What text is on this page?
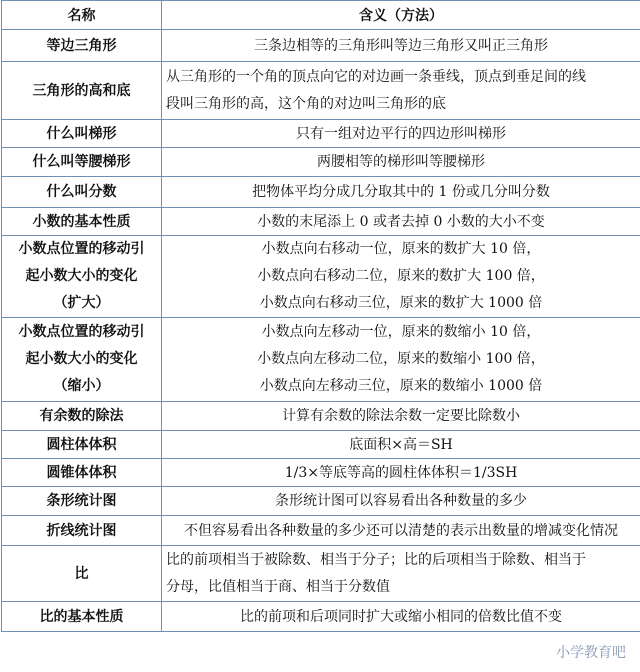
名称	含义（方法）

等边三角形	三条边相等的三角形叫等边三角形又叫正三角形

三角形的高和底	从三角形的一个角的顶点向它的对边画一条垂线，顶点到垂足间的线
段叫三角形的高，这个角的对边叫三角形的底

什么叫梯形	只有一组对边平行的四边形叫梯形

什么叫等腰梯形	两腰相等的梯形叫等腰梯形

什么叫分数	把物体平均分成几分取其中的 1 份或几分叫分数

小数的基本性质	小数的末尾添上 0 或者去掉 0 小数的大小不变

小数点位置的移动引
起小数大小的变化
（扩大）	小数点向右移动一位，原来的数扩大 10 倍，
小数点向右移动二位，原来的数扩大 100 倍，
小数点向右移动三位，原来的数扩大 1000 倍

小数点位置的移动引
起小数大小的变化
（缩小）	小数点向左移动一位，原来的数缩小 10 倍，
小数点向左移动二位，原来的数缩小 100 倍，
小数点向左移动三位，原来的数缩小 1000 倍

有余数的除法	计算有余数的除法余数一定要比除数小

圆柱体体积	底面积×高＝SH

圆锥体体积	1/3×等底等高的圆柱体体积＝1/3SH

条形统计图	条形统计图可以容易看出各种数量的多少

折线统计图	不但容易看出各种数量的多少还可以清楚的表示出数量的增减变化情况

比	比的前项相当于被除数、相当于分子；比的后项相当于除数、相当于
分母，比值相当于商、相当于分数值

比的基本性质	比的前项和后项同时扩大或缩小相同的倍数比值不变
小学教育吧
